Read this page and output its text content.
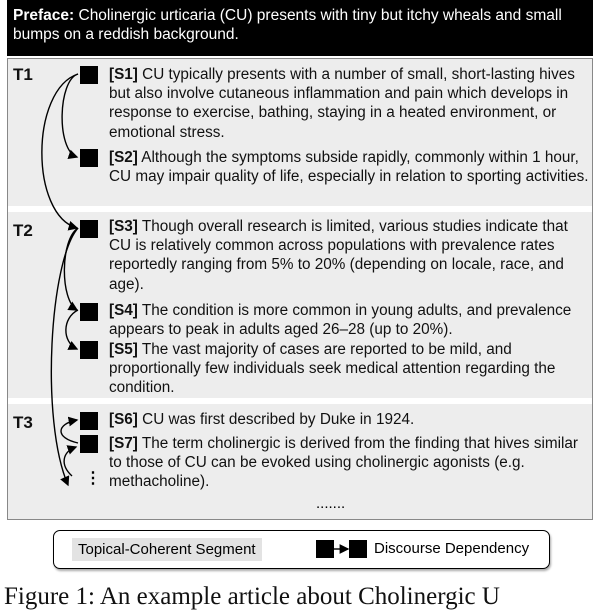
Preface: Cholinergic urticaria (CU) presents with tiny but itchy wheals and small bumps on a reddish background.
T1
T2
T3
[S1] CU typically presents with a number of small, short-lasting hives but also involve cutaneous inflammation and pain which develops in response to exercise, bathing, staying in a heated environment, or emotional stress.
[S2] Although the symptoms subside rapidly, commonly within 1 hour, CU may impair quality of life, especially in relation to sporting activities.
[S3] Though overall research is limited, various studies indicate that CU is relatively common across populations with prevalence rates reportedly ranging from 5% to 20% (depending on locale, race, and age).
[S4] The condition is more common in young adults, and prevalence appears to peak in adults aged 26–28 (up to 20%).
[S5] The vast majority of cases are reported to be mild, and proportionally few individuals seek medical attention regarding the condition.
[S6] CU was first described by Duke in 1924.
[S7] The term cholinergic is derived from the finding that hives similar to those of CU can be evoked using cholinergic agonists (e.g. methacholine).
.......
⋮
Topical-Coherent Segment	Discourse Dependency
Figure 1: An example article about Cholinergic U
